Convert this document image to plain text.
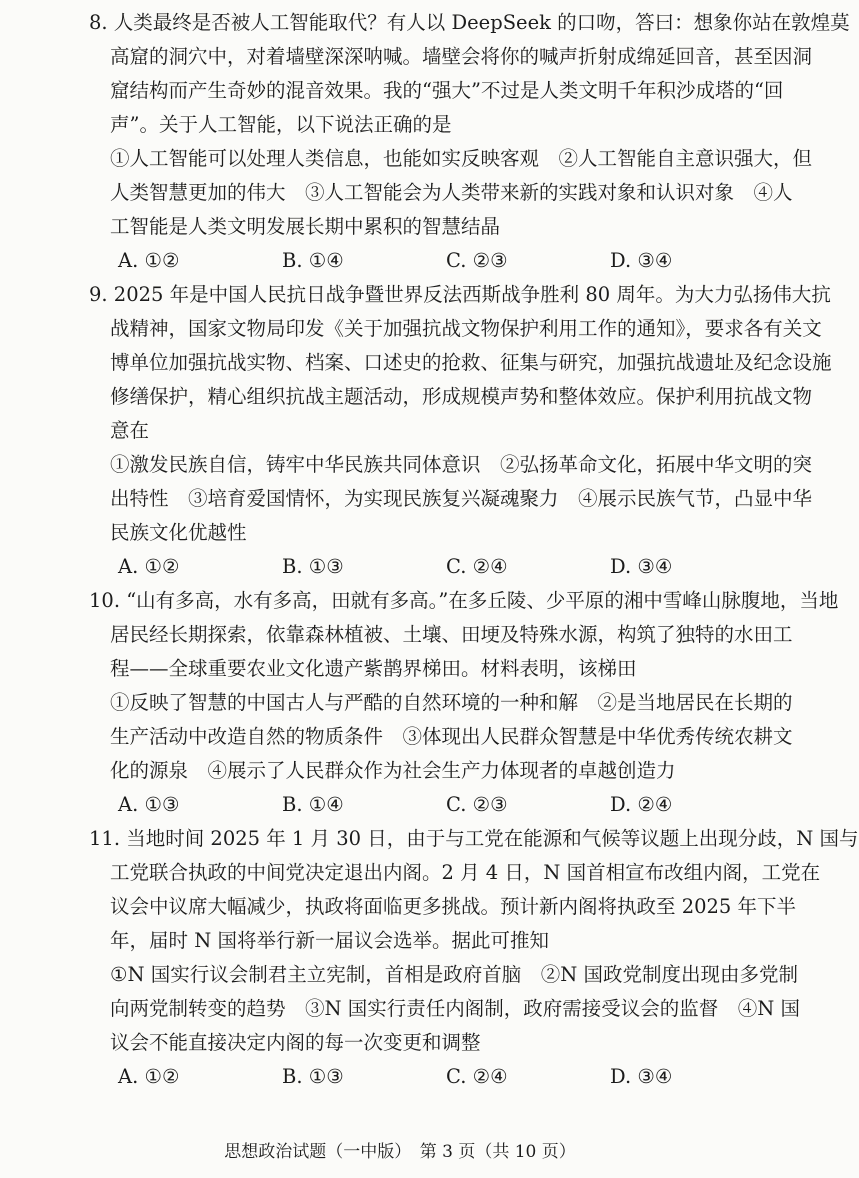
8. 人类最终是否被人工智能取代？有人以 DeepSeek 的口吻，答曰：想象你站在敦煌莫
高窟的洞穴中，对着墙壁深深呐喊。墙壁会将你的喊声折射成绵延回音，甚至因洞
窟结构而产生奇妙的混音效果。我的“强大”不过是人类文明千年积沙成塔的“回
声”。关于人工智能，以下说法正确的是
①人工智能可以处理人类信息，也能如实反映客观　②人工智能自主意识强大，但
人类智慧更加的伟大　③人工智能会为人类带来新的实践对象和认识对象　④人
工智能是人类文明发展长期中累积的智慧结晶
A. ①②	B. ①④	C. ②③	D. ③④
9. 2025 年是中国人民抗日战争暨世界反法西斯战争胜利 80 周年。为大力弘扬伟大抗
战精神，国家文物局印发《关于加强抗战文物保护利用工作的通知》，要求各有关文
博单位加强抗战实物、档案、口述史的抢救、征集与研究，加强抗战遗址及纪念设施
修缮保护，精心组织抗战主题活动，形成规模声势和整体效应。保护利用抗战文物
意在
①激发民族自信，铸牢中华民族共同体意识　②弘扬革命文化，拓展中华文明的突
出特性　③培育爱国情怀，为实现民族复兴凝魂聚力　④展示民族气节，凸显中华
民族文化优越性
A. ①②	B. ①③	C. ②④	D. ③④
10. “山有多高，水有多高，田就有多高。”在多丘陵、少平原的湘中雪峰山脉腹地，当地
居民经长期探索，依靠森林植被、土壤、田埂及特殊水源，构筑了独特的水田工
程——全球重要农业文化遗产紫鹊界梯田。材料表明，该梯田
①反映了智慧的中国古人与严酷的自然环境的一种和解　②是当地居民在长期的
生产活动中改造自然的物质条件　③体现出人民群众智慧是中华优秀传统农耕文
化的源泉　④展示了人民群众作为社会生产力体现者的卓越创造力
A. ①③	B. ①④	C. ②③	D. ②④
11. 当地时间 2025 年 1 月 30 日，由于与工党在能源和气候等议题上出现分歧，N 国与
工党联合执政的中间党决定退出内阁。2 月 4 日，N 国首相宣布改组内阁，工党在
议会中议席大幅减少，执政将面临更多挑战。预计新内阁将执政至 2025 年下半
年，届时 N 国将举行新一届议会选举。据此可推知
①N 国实行议会制君主立宪制，首相是政府首脑　②N 国政党制度出现由多党制
向两党制转变的趋势　③N 国实行责任内阁制，政府需接受议会的监督　④N 国
议会不能直接决定内阁的每一次变更和调整
A. ①②	B. ①③	C. ②④	D. ③④
思想政治试题（一中版）　第 3 页（共 10 页）
